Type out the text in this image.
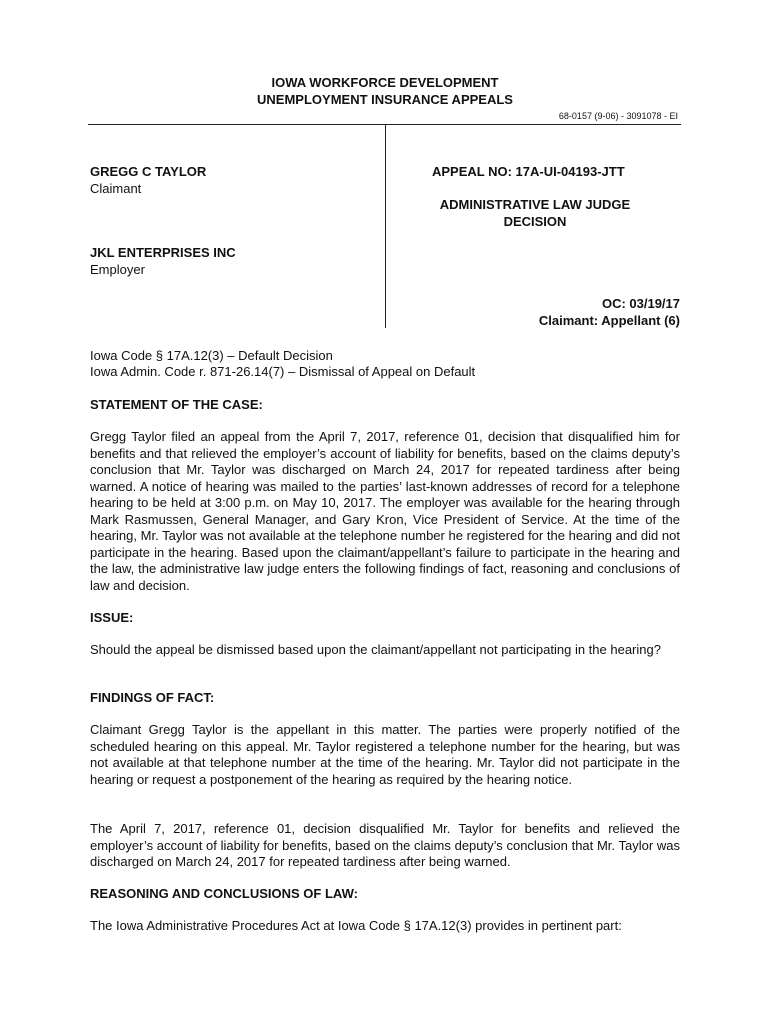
IOWA WORKFORCE DEVELOPMENT
UNEMPLOYMENT INSURANCE APPEALS
68-0157 (9-06) - 3091078 - EI
GREGG C TAYLOR
Claimant
JKL ENTERPRISES INC
Employer
APPEAL NO: 17A-UI-04193-JTT
ADMINISTRATIVE LAW JUDGE
DECISION
OC: 03/19/17
Claimant: Appellant (6)
Iowa Code § 17A.12(3) – Default Decision
Iowa Admin. Code r. 871-26.14(7) – Dismissal of Appeal on Default
STATEMENT OF THE CASE:

Gregg Taylor filed an appeal from the April 7, 2017, reference 01, decision that disqualified him for benefits and that relieved the employer’s account of liability for benefits, based on the claims deputy’s conclusion that Mr. Taylor was discharged on March 24, 2017 for repeated tardiness after being warned. A notice of hearing was mailed to the parties’ last-known addresses of record for a telephone hearing to be held at 3:00 p.m. on May 10, 2017. The employer was available for the hearing through Mark Rasmussen, General Manager, and Gary Kron, Vice President of Service. At the time of the hearing, Mr. Taylor was not available at the telephone number he registered for the hearing and did not participate in the hearing. Based upon the claimant/appellant’s failure to participate in the hearing and the law, the administrative law judge enters the following findings of fact, reasoning and conclusions of law and decision.

ISSUE:

Should the appeal be dismissed based upon the claimant/appellant not participating in the hearing?

FINDINGS OF FACT:

Claimant Gregg Taylor is the appellant in this matter. The parties were properly notified of the scheduled hearing on this appeal. Mr. Taylor registered a telephone number for the hearing, but was not available at that telephone number at the time of the hearing. Mr. Taylor did not participate in the hearing or request a postponement of the hearing as required by the hearing notice.

The April 7, 2017, reference 01, decision disqualified Mr. Taylor for benefits and relieved the employer’s account of liability for benefits, based on the claims deputy’s conclusion that Mr. Taylor was discharged on March 24, 2017 for repeated tardiness after being warned.

REASONING AND CONCLUSIONS OF LAW:

The Iowa Administrative Procedures Act at Iowa Code § 17A.12(3) provides in pertinent part:
